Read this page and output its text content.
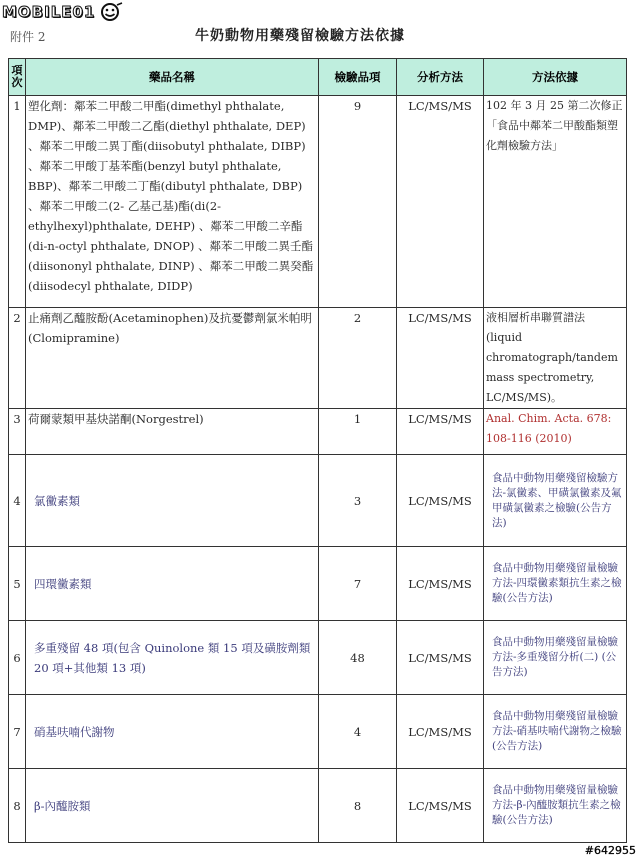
MOBILE01
附件 2	牛奶動物用藥殘留檢驗方法依據
項次	藥品名稱	檢驗品項	分析方法	方法依據
1	塑化劑：鄰苯二甲酸二甲酯(dimethyl phthalate, DMP)、鄰苯二甲酸二乙酯(diethyl phthalate, DEP) 、鄰苯二甲酸二異丁酯(diisobutyl phthalate, DIBP) 、鄰苯二甲酸丁基苯酯(benzyl butyl phthalate, BBP)、鄰苯二甲酸二丁酯(dibutyl phthalate, DBP) 、鄰苯二甲酸二(2- 乙基己基)酯(di(2-ethylhexyl)phthalate, DEHP) 、鄰苯二甲酸二辛酯(di-n-octyl phthalate, DNOP) 、鄰苯二甲酸二異壬酯(diisononyl phthalate, DINP) 、鄰苯二甲酸二異癸酯(diisodecyl phthalate, DIDP)	9	LC/MS/MS	102 年 3 月 25 第二次修正「食品中鄰苯二甲酸酯類塑化劑檢驗方法」
2	止痛劑乙醯胺酚(Acetaminophen)及抗憂鬱劑氯米帕明(Clomipramine)	2	LC/MS/MS	液相層析串聯質譜法 (liquid chromatograph/tandem mass spectrometry, LC/MS/MS)。
3	荷爾蒙類甲基炔諾酮(Norgestrel)	1	LC/MS/MS	Anal. Chim. Acta. 678: 108-116 (2010)
4	氯黴素類	3	LC/MS/MS	食品中動物用藥殘留檢驗方法-氯黴素、甲磺氯黴素及氟甲磺氯黴素之檢驗(公告方法)
5	四環黴素類	7	LC/MS/MS	食品中動物用藥殘留量檢驗方法-四環黴素類抗生素之檢驗(公告方法)
6	多重殘留 48 項(包含 Quinolone 類 15 項及磺胺劑類 20 項+其他類 13 項)	48	LC/MS/MS	食品中動物用藥殘留量檢驗方法-多重殘留分析(二) (公告方法)
7	硝基呋喃代謝物	4	LC/MS/MS	食品中動物用藥殘留量檢驗方法-硝基呋喃代謝物之檢驗(公告方法)
8	β-內醯胺類	8	LC/MS/MS	食品中動物用藥殘留量檢驗方法-β-內醯胺類抗生素之檢驗(公告方法)
#642955
